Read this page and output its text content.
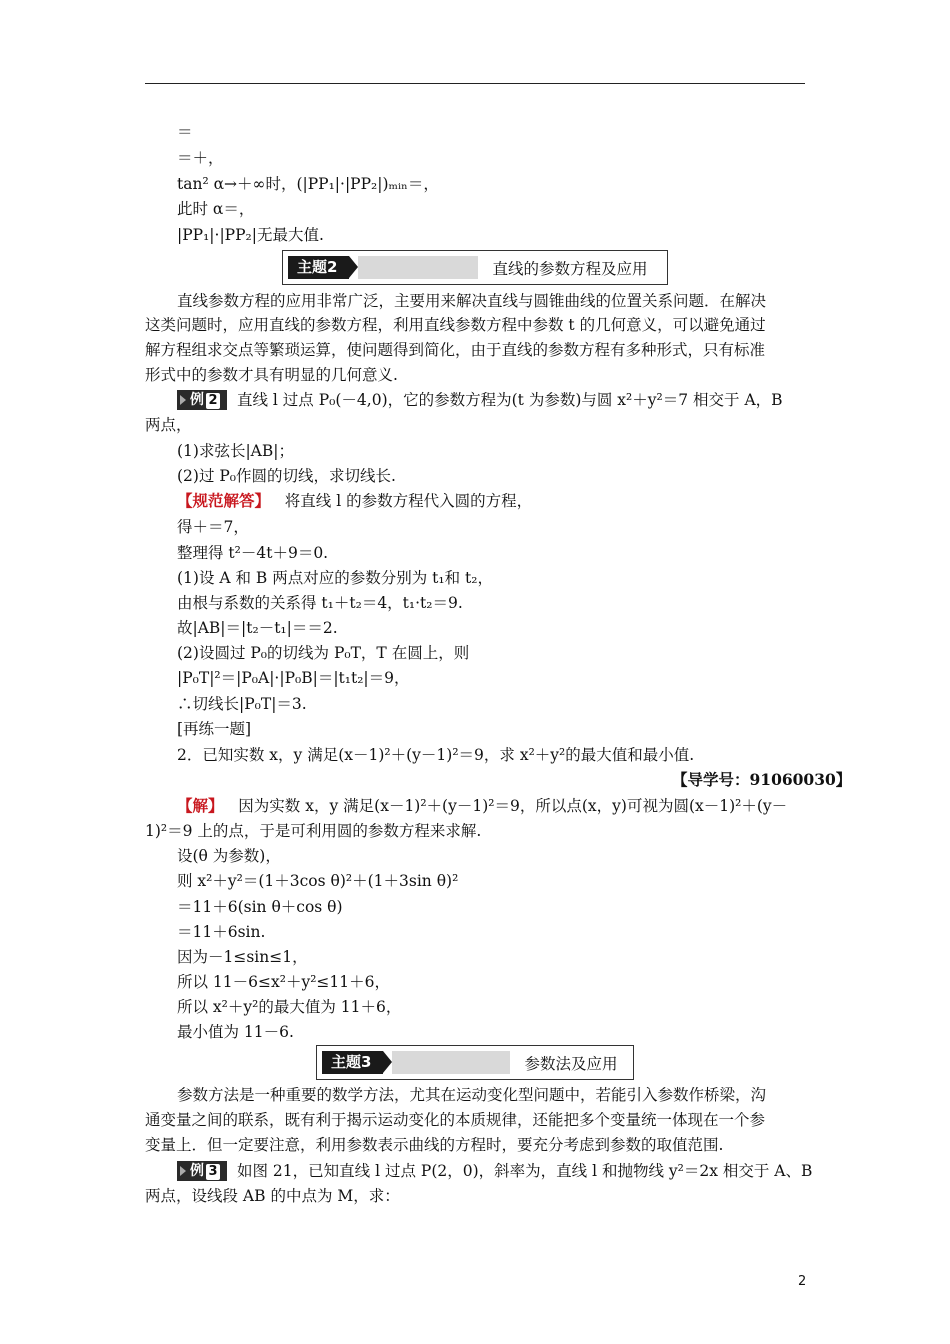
＝
＝＋，
tan² α→＋∞时，(|PP₁|·|PP₂|)ₘᵢₙ＝，
此时 α＝，
|PP₁|·|PP₂|无最大值.
主题2	直线的参数方程及应用
直线参数方程的应用非常广泛，主要用来解决直线与圆锥曲线的位置关系问题．在解决
这类问题时，应用直线的参数方程，利用直线参数方程中参数 t 的几何意义，可以避免通过
解方程组求交点等繁琐运算，使问题得到简化，由于直线的参数方程有多种形式，只有标准
形式中的参数才具有明显的几何意义.
例 2 直线 l 过点 P₀(－4,0)，它的参数方程为(t 为参数)与圆 x²＋y²＝7 相交于 A，B
两点，
(1)求弦长|AB|；
(2)过 P₀作圆的切线，求切线长.
【规范解答】 将直线 l 的参数方程代入圆的方程，
得＋＝7，
整理得 t²－4t＋9＝0.
(1)设 A 和 B 两点对应的参数分别为 t₁和 t₂，
由根与系数的关系得 t₁＋t₂＝4，t₁·t₂＝9.
故|AB|＝|t₂－t₁|＝＝2.
(2)设圆过 P₀的切线为 P₀T，T 在圆上，则
|P₀T|²＝|P₀A|·|P₀B|＝|t₁t₂|＝9，
∴切线长|P₀T|＝3.
[再练一题]
2．已知实数 x，y 满足(x－1)²＋(y－1)²＝9，求 x²＋y²的最大值和最小值.
【导学号：91060030】
【解】 因为实数 x，y 满足(x－1)²＋(y－1)²＝9，所以点(x，y)可视为圆(x－1)²＋(y－
1)²＝9 上的点，于是可利用圆的参数方程来求解.
设(θ 为参数)，
则 x²＋y²＝(1＋3cos θ)²＋(1＋3sin θ)²
＝11＋6(sin θ＋cos θ)
＝11＋6sin.
因为－1≤sin≤1，
所以 11－6≤x²＋y²≤11＋6，
所以 x²＋y²的最大值为 11＋6，
最小值为 11－6.
主题3	参数法及应用
参数方法是一种重要的数学方法，尤其在运动变化型问题中，若能引入参数作桥梁，沟
通变量之间的联系，既有利于揭示运动变化的本质规律，还能把多个变量统一体现在一个参
变量上．但一定要注意，利用参数表示曲线的方程时，要充分考虑到参数的取值范围.
例 3 如图 21，已知直线 l 过点 P(2，0)，斜率为，直线 l 和抛物线 y²＝2x 相交于 A、B
两点，设线段 AB 的中点为 M，求：
2
